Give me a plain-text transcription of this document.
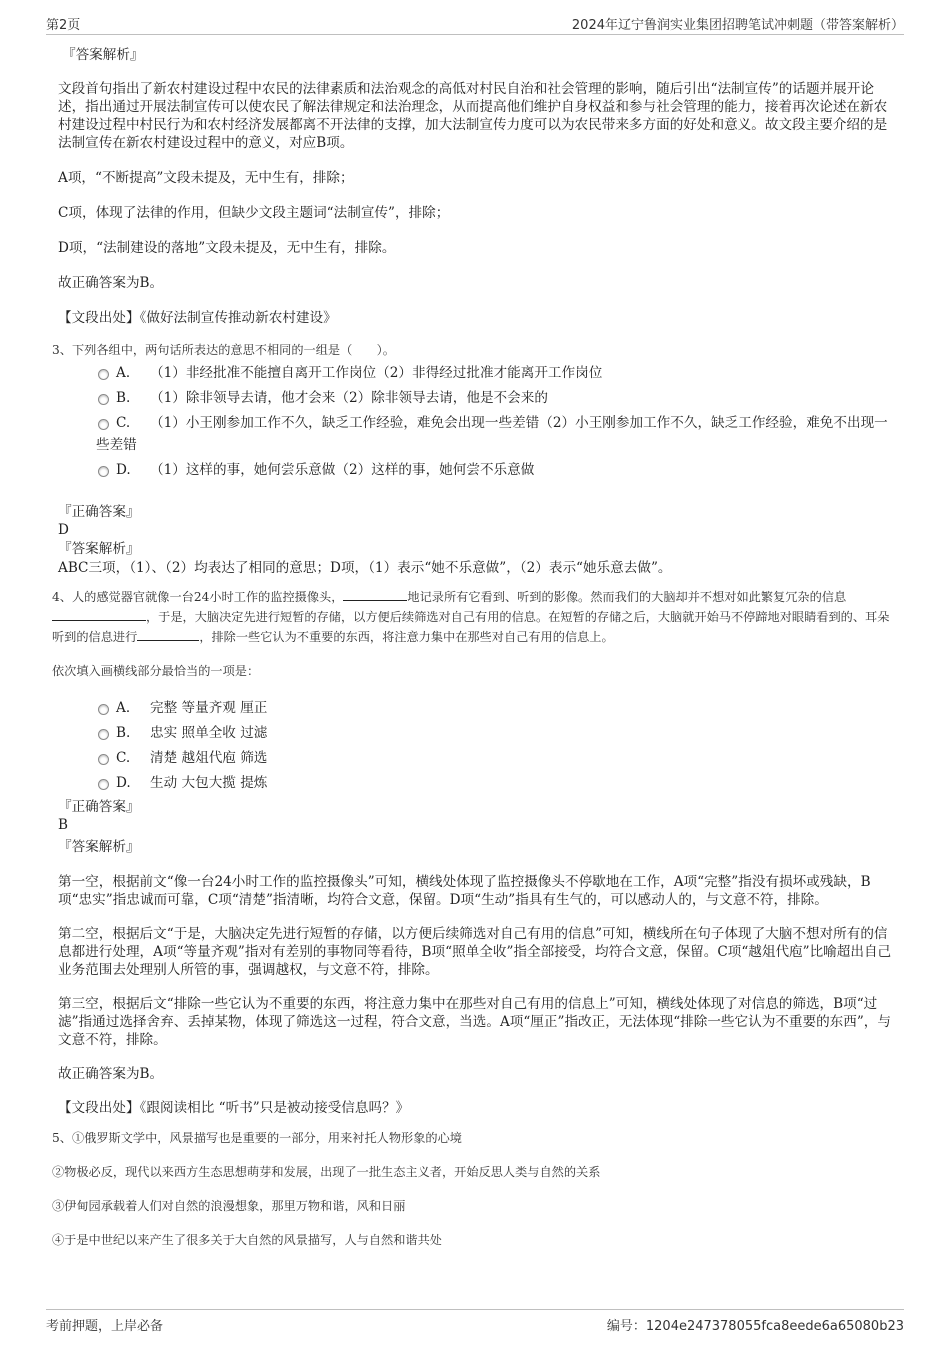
第2页	2024年辽宁鲁润实业集团招聘笔试冲刺题（带答案解析）
『答案解析』

文段首句指出了新农村建设过程中农民的法律素质和法治观念的高低对村民自治和社会管理的影响，随后引出“法制宣传”的话题并展开论述，指出通过开展法制宣传可以使农民了解法律规定和法治理念，从而提高他们维护自身权益和参与社会管理的能力，接着再次论述在新农村建设过程中村民行为和农村经济发展都离不开法律的支撑，加大法制宣传力度可以为农民带来多方面的好处和意义。故文段主要介绍的是法制宣传在新农村建设过程中的意义，对应B项。

A项，“不断提高”文段未提及，无中生有，排除；

C项，体现了法律的作用，但缺少文段主题词“法制宣传”，排除；

D项，“法制建设的落地”文段未提及，无中生有，排除。

故正确答案为B。

【文段出处】《做好法制宣传推动新农村建设》

3、下列各组中，两句话所表达的意思不相同的一组是（　　）。
A． （1）非经批准不能擅自离开工作岗位（2）非得经过批准才能离开工作岗位
B. （1）除非领导去请，他才会来（2）除非领导去请，他是不会来的
C. （1）小王刚参加工作不久，缺乏工作经验，难免会出现一些差错（2）小王刚参加工作不久，缺乏工作经验，难免不出现一些差错
D. （1）这样的事，她何尝乐意做（2）这样的事，她何尝不乐意做
『正确答案』
D
『答案解析』
ABC三项，（1）、（2）均表达了相同的意思；D项，（1）表示“她不乐意做”，（2）表示“她乐意去做”。
4、人的感觉器官就像一台24小时工作的监控摄像头，	地记录所有它看到、听到的影像。然而我们的大脑却并不想对如此繁复冗杂的信息，于是，大脑决定先进行短暂的存储，以方便后续筛选对自己有用的信息。在短暂的存储之后，大脑就开始马不停蹄地对眼睛看到的、耳朵听到的信息进行	，排除一些它认为不重要的东西，将注意力集中在那些对自己有用的信息上。
依次填入画横线部分最恰当的一项是：
A． 完整 等量齐观 厘正
B. 忠实 照单全收 过滤
C. 清楚 越俎代庖 筛选
D. 生动 大包大揽 提炼
『正确答案』
B
『答案解析』

第一空，根据前文“像一台24小时工作的监控摄像头”可知，横线处体现了监控摄像头不停歇地在工作，A项“完整”指没有损坏或残缺，B项“忠实”指忠诚而可靠，C项“清楚”指清晰，均符合文意，保留。D项“生动”指具有生气的，可以感动人的，与文意不符，排除。

第二空，根据后文“于是，大脑决定先进行短暂的存储，以方便后续筛选对自己有用的信息”可知，横线所在句子体现了大脑不想对所有的信息都进行处理，A项“等量齐观”指对有差别的事物同等看待，B项“照单全收”指全部接受，均符合文意，保留。C项“越俎代庖”比喻超出自己业务范围去处理别人所管的事，强调越权，与文意不符，排除。

第三空，根据后文“排除一些它认为不重要的东西，将注意力集中在那些对自己有用的信息上”可知，横线处体现了对信息的筛选，B项“过滤”指通过选择舍弃、丢掉某物，体现了筛选这一过程，符合文意，当选。A项“厘正”指改正，无法体现“排除一些它认为不重要的东西”，与文意不符，排除。

故正确答案为B。

【文段出处】《跟阅读相比 “听书”只是被动接受信息吗？》

5、①俄罗斯文学中，风景描写也是重要的一部分，用来衬托人物形象的心境
②物极必反，现代以来西方生态思想萌芽和发展，出现了一批生态主义者，开始反思人类与自然的关系
③伊甸园承载着人们对自然的浪漫想象，那里万物和谐，风和日丽
④于是中世纪以来产生了很多关于大自然的风景描写，人与自然和谐共处
考前押题，上岸必备	编号：1204e247378055fca8eede6a65080b23
